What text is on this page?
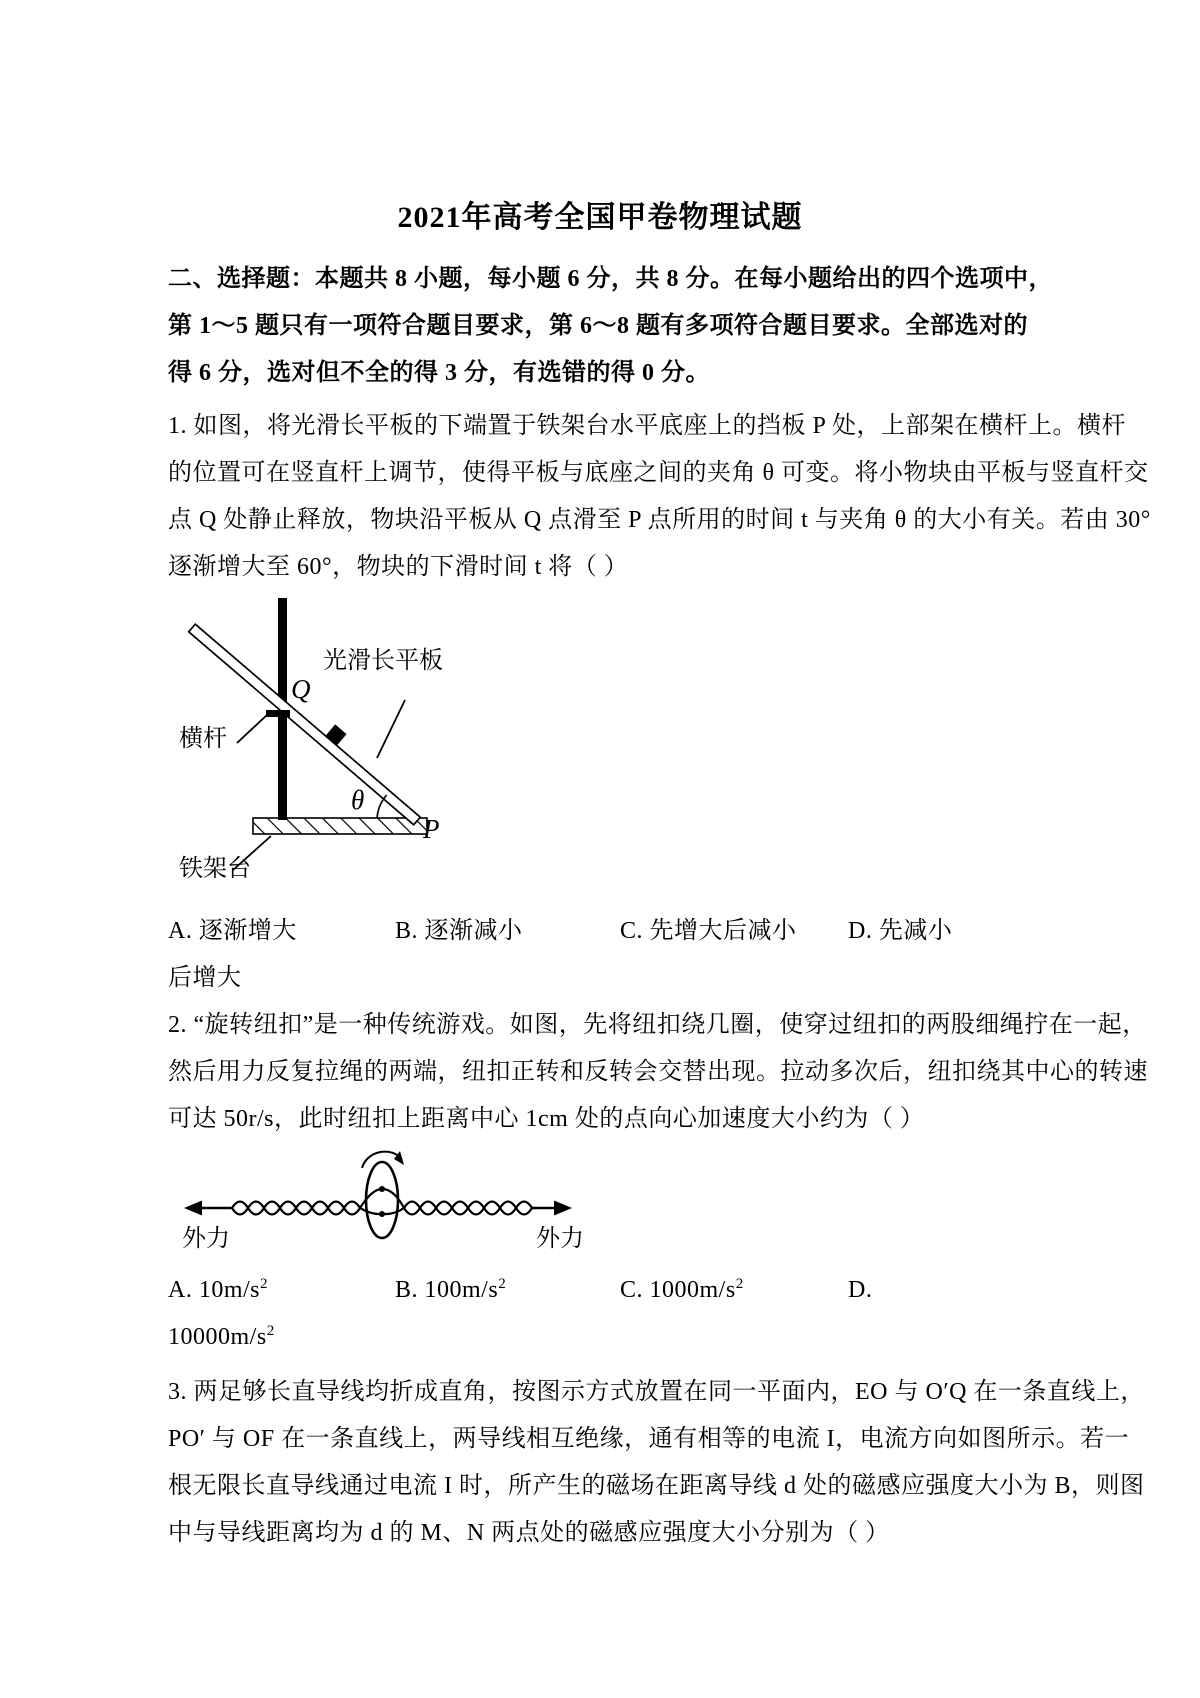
2021年高考全国甲卷物理试题
二、选择题：本题共 8 小题，每小题 6 分，共 8 分。在每小题给出的四个选项中，
第 1～5 题只有一项符合题目要求，第 6～8 题有多项符合题目要求。全部选对的
得 6 分，选对但不全的得 3 分，有选错的得 0 分。
1. 如图，将光滑长平板的下端置于铁架台水平底座上的挡板 P 处，上部架在横杆上。横杆
的位置可在竖直杆上调节，使得平板与底座之间的夹角 θ 可变。将小物块由平板与竖直杆交
点 Q 处静止释放，物块沿平板从 Q 点滑至 P 点所用的时间 t 与夹角 θ 的大小有关。若由 30°
逐渐增大至 60°，物块的下滑时间 t 将（ ）
Q
光滑长平板
横杆
θ
P
铁架台
A. 逐渐增大	B. 逐渐减小	C. 先增大后减小 D. 先减小
后增大
2. “旋转纽扣”是一种传统游戏。如图，先将纽扣绕几圈，使穿过纽扣的两股细绳拧在一起，
然后用力反复拉绳的两端，纽扣正转和反转会交替出现。拉动多次后，纽扣绕其中心的转速
可达 50r/s，此时纽扣上距离中心 1cm 处的点向心加速度大小约为（ ）
外力	外力
A. $10m/s^2$	B. $100m/s^2$	C. $1000m/s^2$	D.
$10000m/s^2$
3. 两足够长直导线均折成直角，按图示方式放置在同一平面内，EO 与 O′Q 在一条直线上，
PO′ 与 OF 在一条直线上，两导线相互绝缘，通有相等的电流 I，电流方向如图所示。若一
根无限长直导线通过电流 I 时，所产生的磁场在距离导线 d 处的磁感应强度大小为 B，则图
中与导线距离均为 d 的 M、N 两点处的磁感应强度大小分别为（ ）
